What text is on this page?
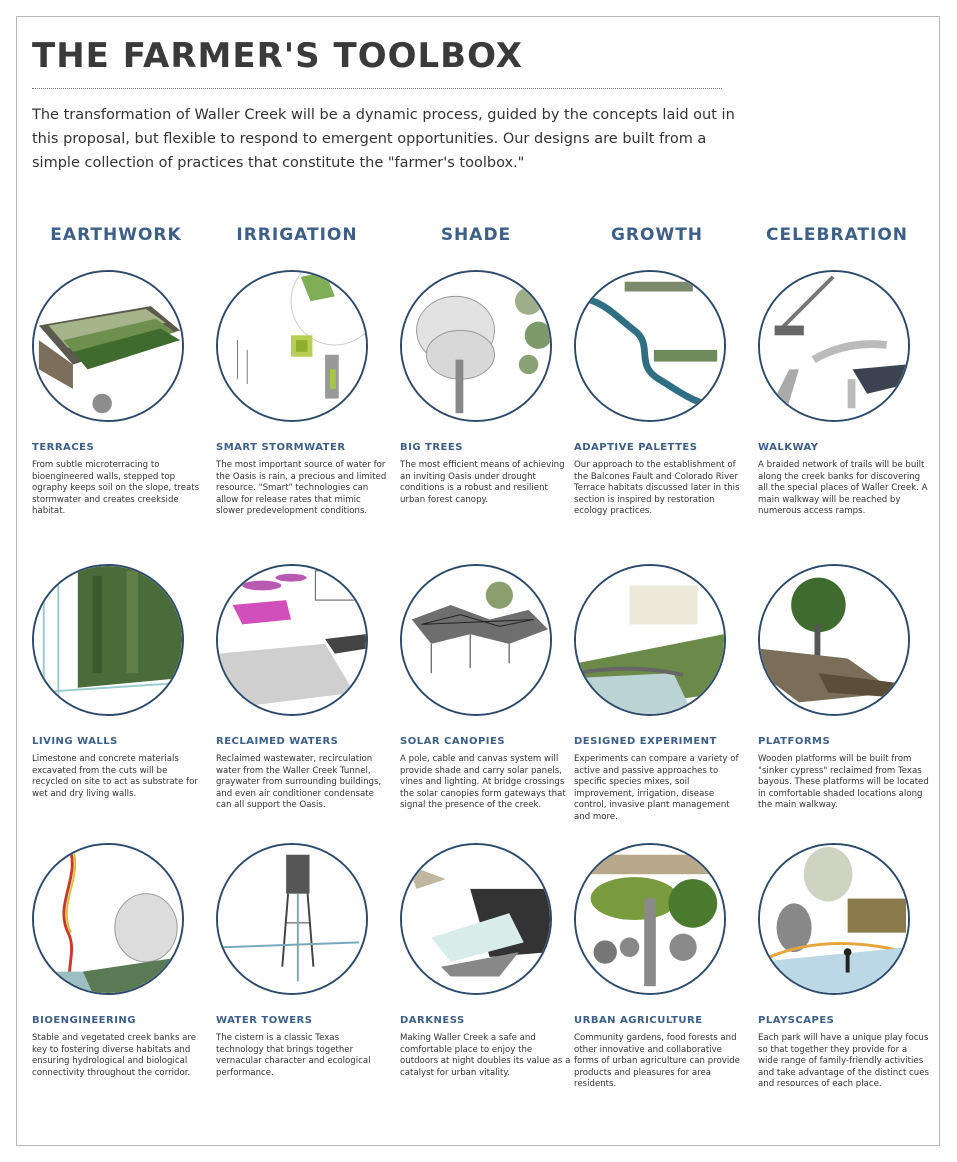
THE FARMER'S TOOLBOX
The transformation of Waller Creek will be a dynamic process, guided by the concepts laid out in this proposal, but flexible to respond to emergent opportunities. Our designs are built from a simple collection of practices that constitute the "farmer's toolbox."
EARTHWORK	IRRIGATION	SHADE	GROWTH	CELEBRATION
TERRACES
From subtle microterracing to bioengineered walls, stepped top ography keeps soil on the slope, treats stormwater and creates creekside habitat.
SMART STORMWATER
The most important source of water for the Oasis is rain, a precious and limited resource. "Smart" technologies can allow for release rates that mimic slower predevelopment conditions.
BIG TREES
The most efficient means of achieving an inviting Oasis under drought conditions is a robust and resilient urban forest canopy.
ADAPTIVE PALETTES
Our approach to the establishment of the Balcones Fault and Colorado River Terrace habitats discussed later in this section is inspired by restoration ecology practices.
WALKWAY
A braided network of trails will be built along the creek banks for discovering all the special places of Waller Creek. A main walkway will be reached by numerous access ramps.
LIVING WALLS
Limestone and concrete materials excavated from the cuts will be recycled on site to act as substrate for wet and dry living walls.
RECLAIMED WATERS
Reclaimed wastewater, recirculation water from the Waller Creek Tunnel, graywater from surrounding buildings, and even air conditioner condensate can all support the Oasis.
SOLAR CANOPIES
A pole, cable and canvas system will provide shade and carry solar panels, vines and lighting. At bridge crossings the solar canopies form gateways that signal the presence of the creek.
DESIGNED EXPERIMENT
Experiments can compare a variety of active and passive approaches to specific species mixes, soil improvement, irrigation, disease control, invasive plant management and more.
PLATFORMS
Wooden platforms will be built from "sinker cypress" reclaimed from Texas bayous. These platforms will be located in comfortable shaded locations along the main walkway.
BIOENGINEERING
Stable and vegetated creek banks are key to fostering diverse habitats and ensuring hydrological and biological connectivity throughout the corridor.
WATER TOWERS
The cistern is a classic Texas technology that brings together vernacular character and ecological performance.
DARKNESS
Making Waller Creek a safe and comfortable place to enjoy the outdoors at night doubles its value as a catalyst for urban vitality.
URBAN AGRICULTURE
Community gardens, food forests and other innovative and collaborative forms of urban agriculture can provide products and pleasures for area residents.
PLAYSCAPES
Each park will have a unique play focus so that together they provide for a wide range of family-friendly activities and take advantage of the distinct cues and resources of each place.
